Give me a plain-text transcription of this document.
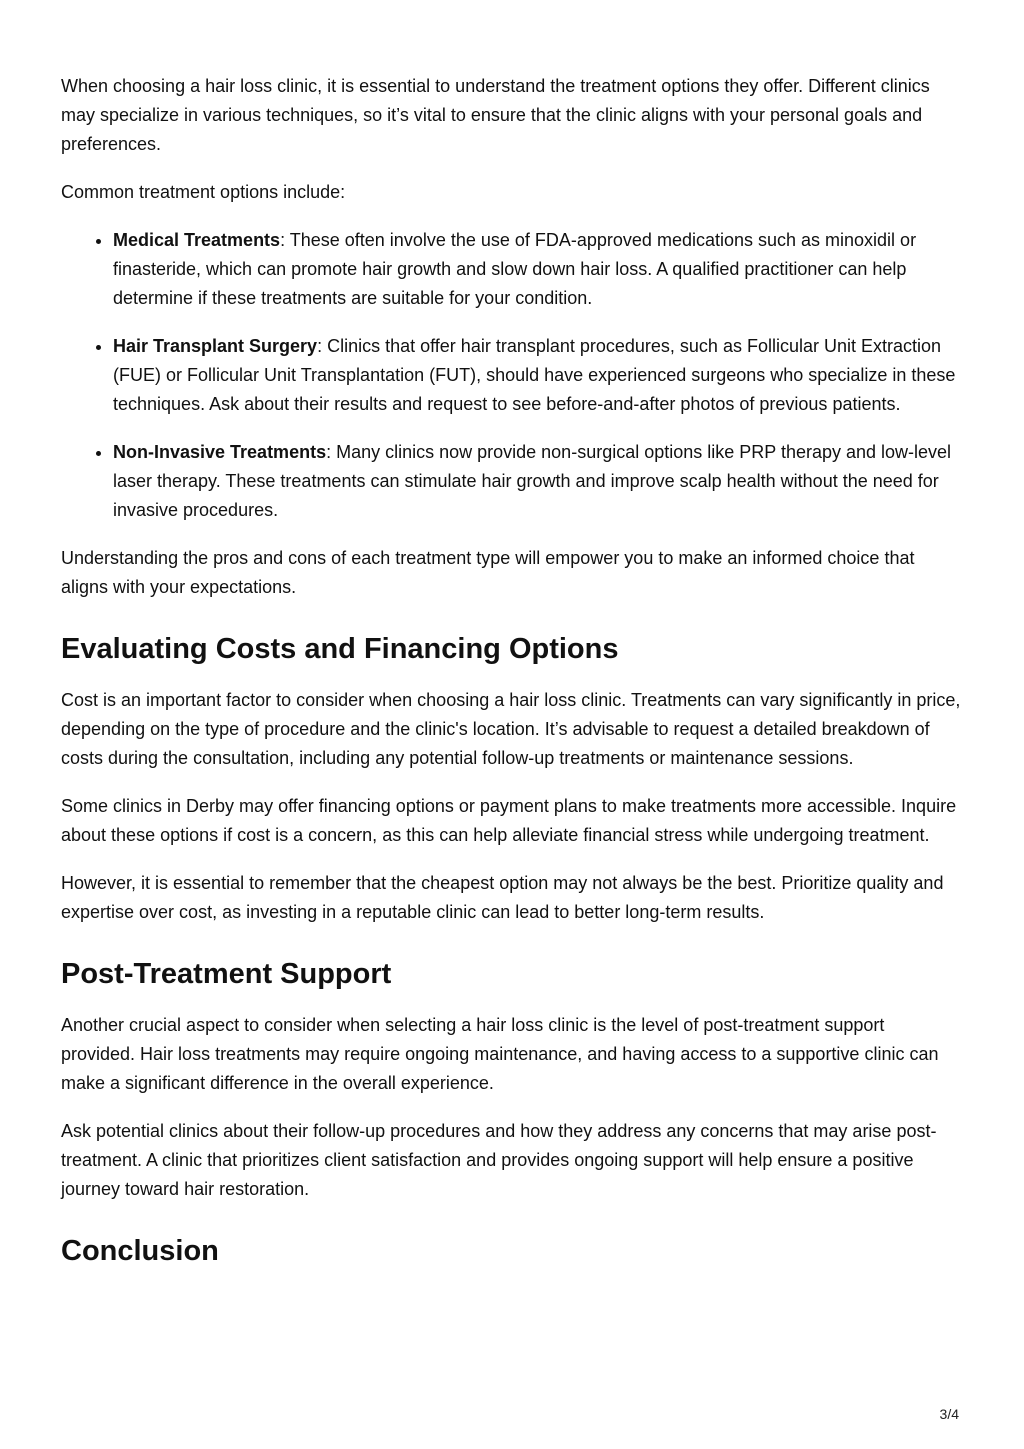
When choosing a hair loss clinic, it is essential to understand the treatment options they offer. Different clinics may specialize in various techniques, so it’s vital to ensure that the clinic aligns with your personal goals and preferences.

Common treatment options include:

• Medical Treatments: These often involve the use of FDA-approved medications such as minoxidil or finasteride, which can promote hair growth and slow down hair loss. A qualified practitioner can help determine if these treatments are suitable for your condition.
• Hair Transplant Surgery: Clinics that offer hair transplant procedures, such as Follicular Unit Extraction (FUE) or Follicular Unit Transplantation (FUT), should have experienced surgeons who specialize in these techniques. Ask about their results and request to see before-and-after photos of previous patients.
• Non-Invasive Treatments: Many clinics now provide non-surgical options like PRP therapy and low-level laser therapy. These treatments can stimulate hair growth and improve scalp health without the need for invasive procedures.

Understanding the pros and cons of each treatment type will empower you to make an informed choice that aligns with your expectations.

Evaluating Costs and Financing Options

Cost is an important factor to consider when choosing a hair loss clinic. Treatments can vary significantly in price, depending on the type of procedure and the clinic's location. It’s advisable to request a detailed breakdown of costs during the consultation, including any potential follow-up treatments or maintenance sessions.

Some clinics in Derby may offer financing options or payment plans to make treatments more accessible. Inquire about these options if cost is a concern, as this can help alleviate financial stress while undergoing treatment.

However, it is essential to remember that the cheapest option may not always be the best. Prioritize quality and expertise over cost, as investing in a reputable clinic can lead to better long-term results.

Post-Treatment Support

Another crucial aspect to consider when selecting a hair loss clinic is the level of post-treatment support provided. Hair loss treatments may require ongoing maintenance, and having access to a supportive clinic can make a significant difference in the overall experience.

Ask potential clinics about their follow-up procedures and how they address any concerns that may arise post-treatment. A clinic that prioritizes client satisfaction and provides ongoing support will help ensure a positive journey toward hair restoration.

Conclusion
3/4
